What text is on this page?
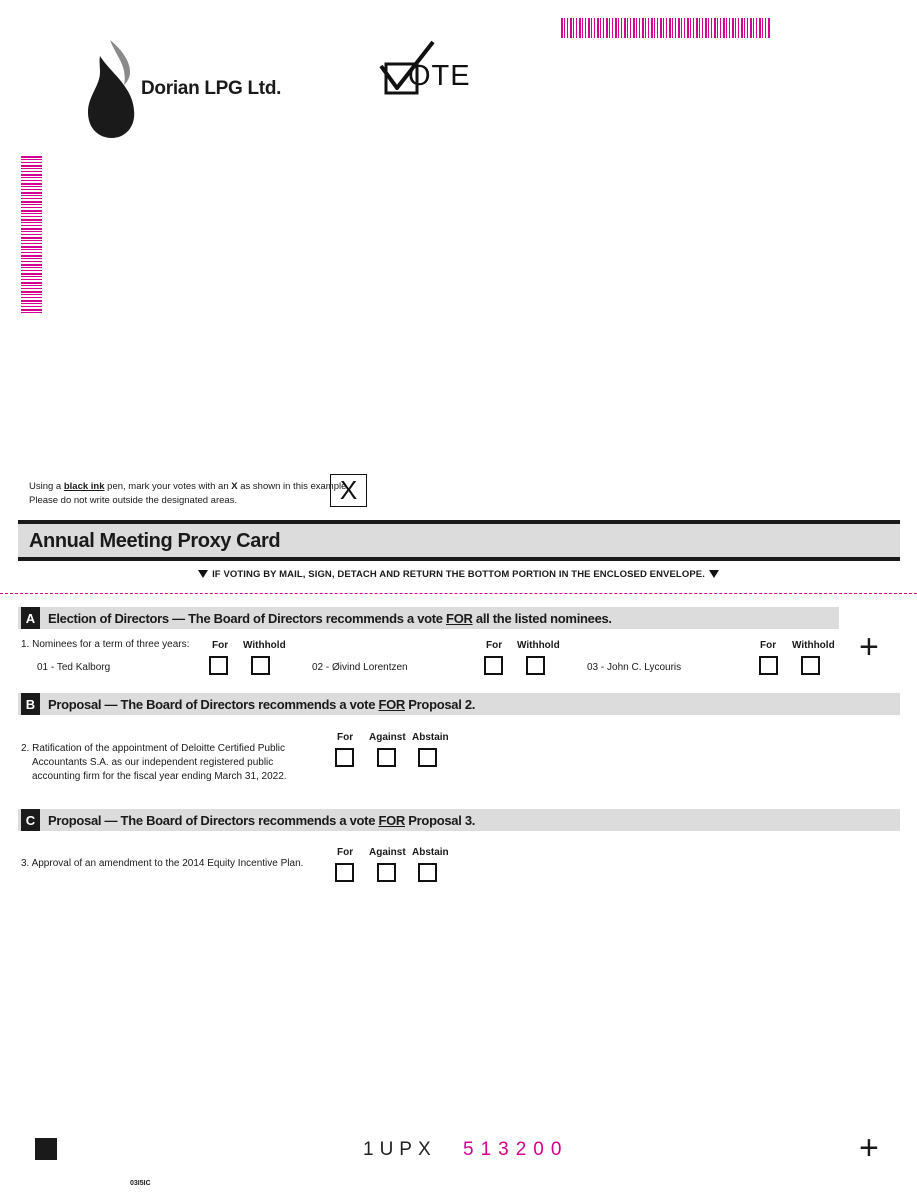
Dorian LPG Ltd.	OTE
Using a black ink pen, mark your votes with an X as shown in this example.
Please do not write outside the designated areas.	X
Annual Meeting Proxy Card
IF VOTING BY MAIL, SIGN, DETACH AND RETURN THE BOTTOM PORTION IN THE ENCLOSED ENVELOPE.
A Election of Directors — The Board of Directors recommends a vote FOR all the listed nominees.
1. Nominees for a term of three years: For Withhold
01 - Ted Kalborg
For Withhold
02 - Øivind Lorentzen
For Withhold
03 - John C. Lycouris
+
B Proposal — The Board of Directors recommends a vote FOR Proposal 2.
2. Ratification of the appointment of Deloitte Certified Public
Accountants S.A. as our independent registered public
accounting firm for the fiscal year ending March 31, 2022.
For Against Abstain
C Proposal — The Board of Directors recommends a vote FOR Proposal 3.
3. Approval of an amendment to the 2014 Equity Incentive Plan.
For Against Abstain
1UPX 513200	+
03I5IC
